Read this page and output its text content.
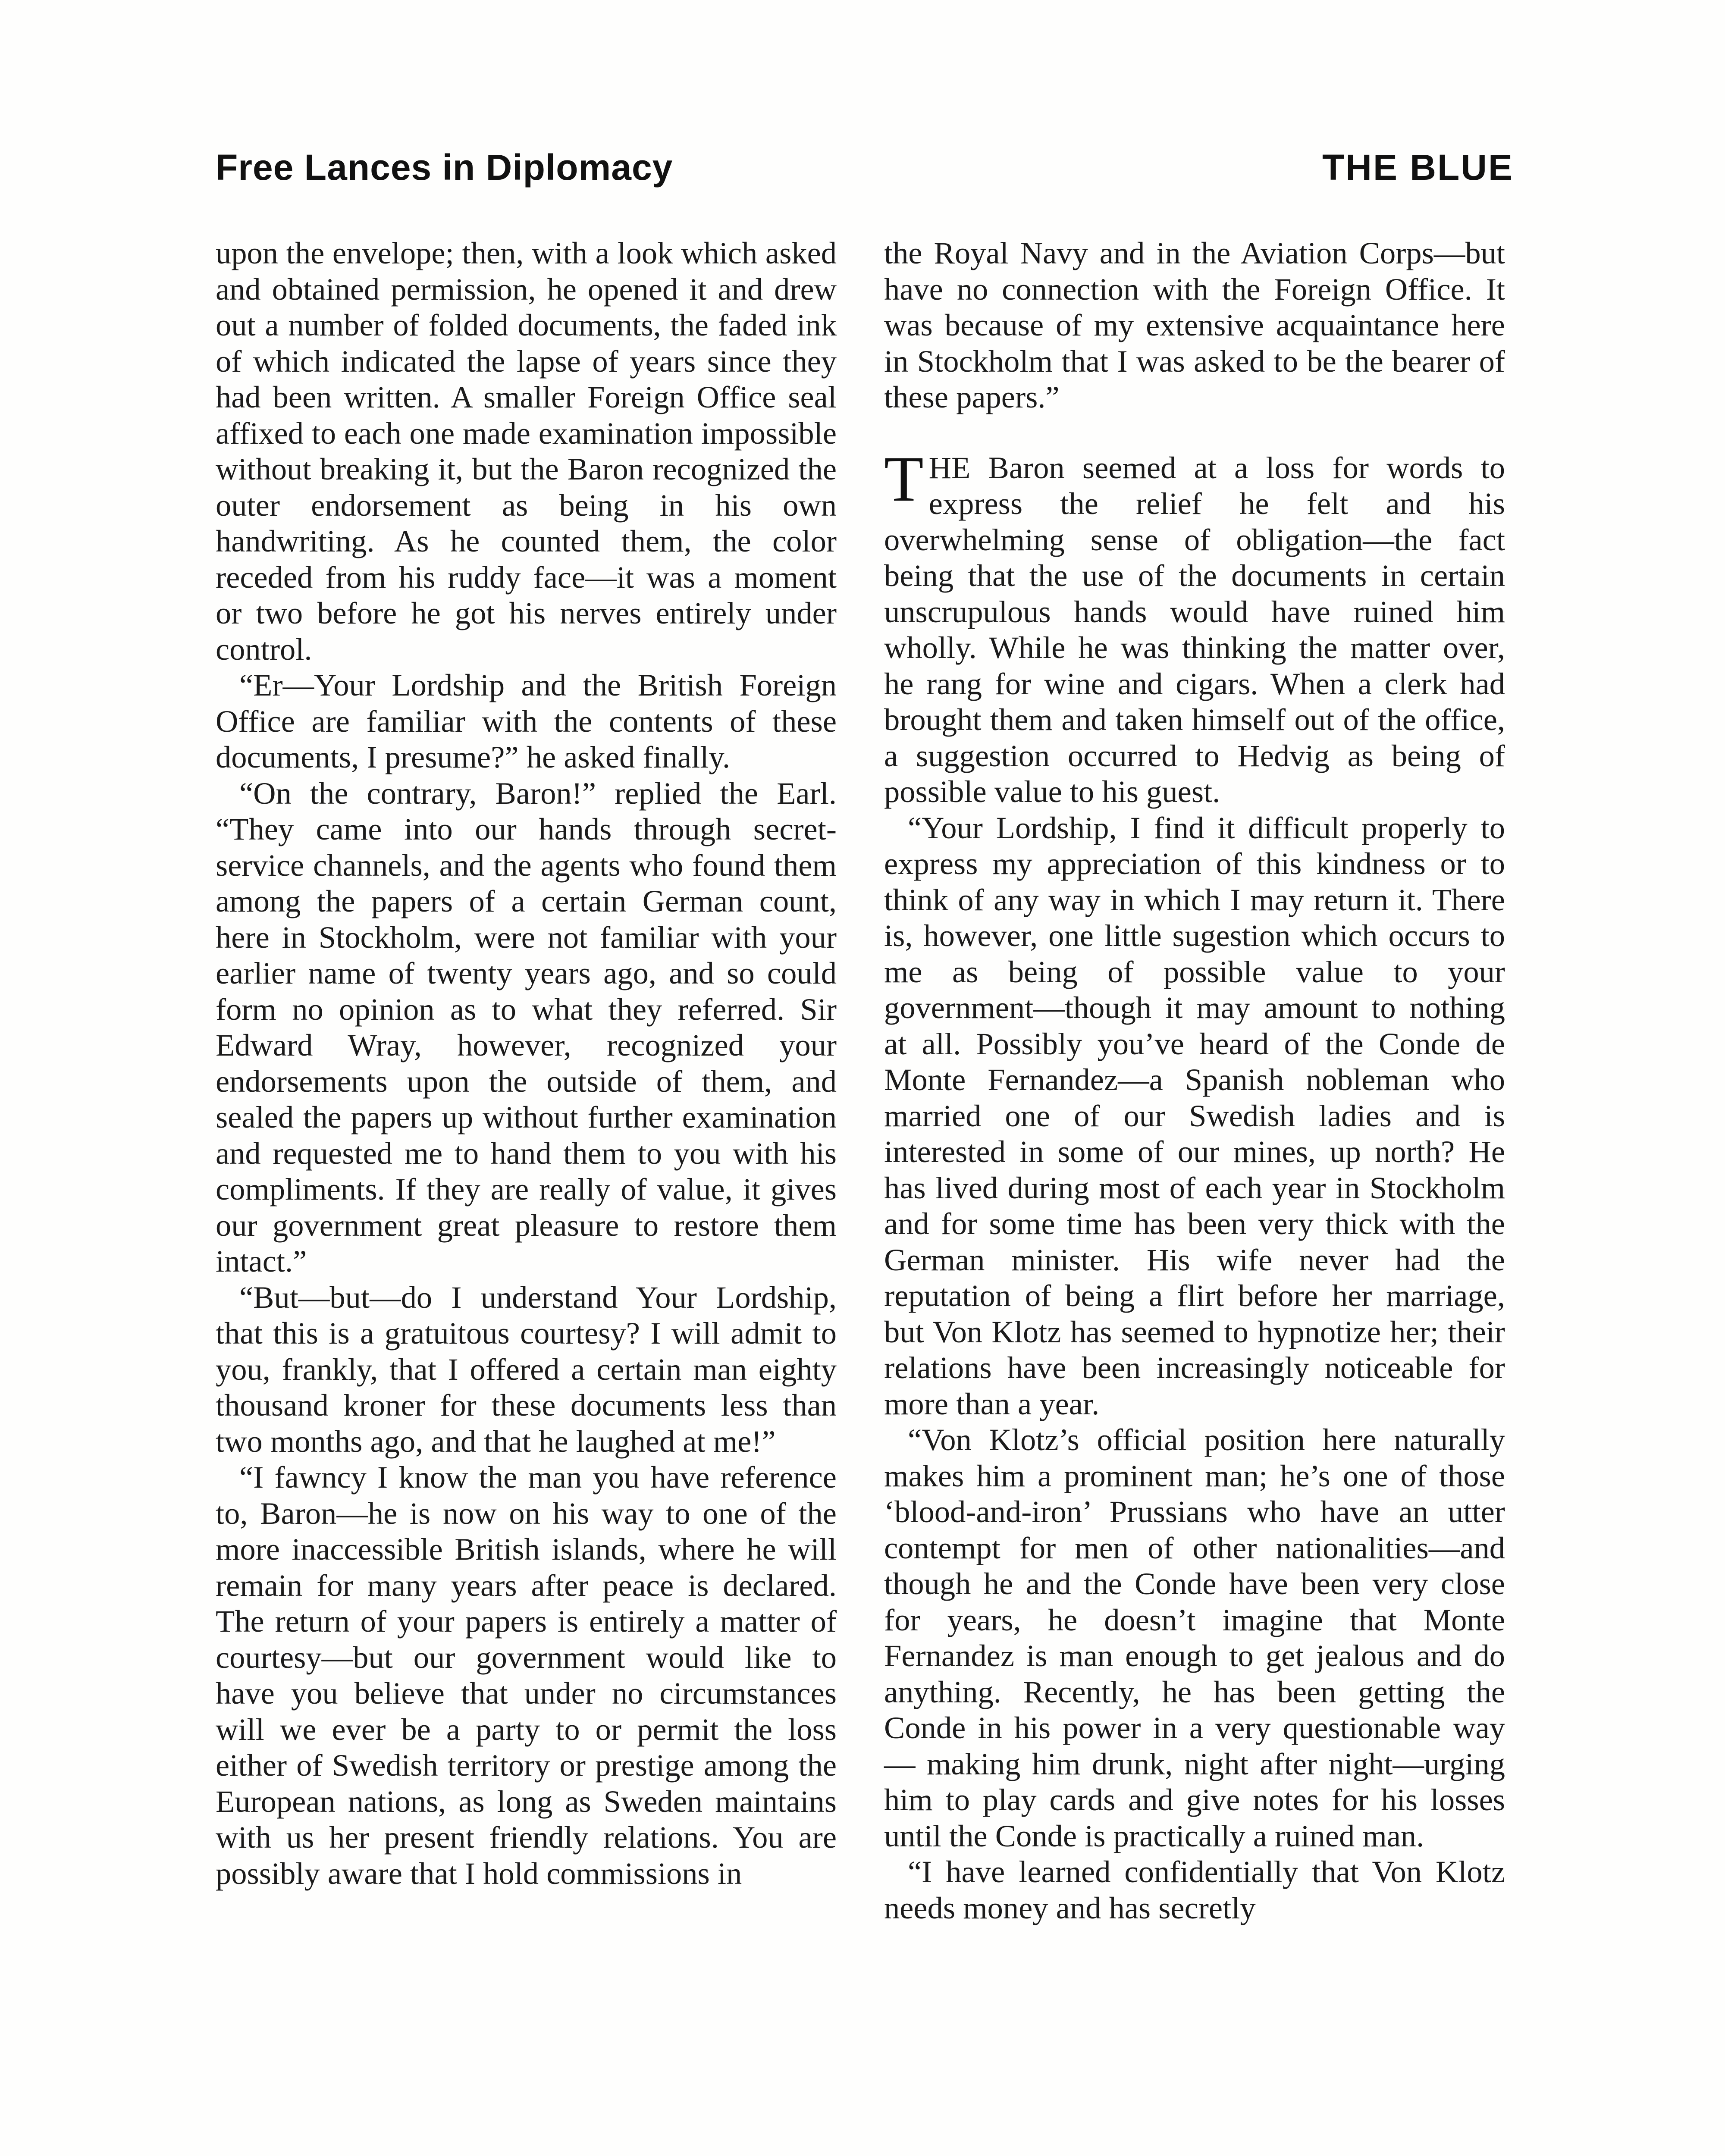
Free Lances in Diplomacy	THE BLUE

upon the envelope; then, with a look which asked and obtained permission, he opened it and drew out a number of folded documents, the faded ink of which indicated the lapse of years since they had been written. A smaller Foreign Office seal affixed to each one made examination impossible without breaking it, but the Baron recognized the outer endorsement as being in his own handwriting. As he counted them, the color receded from his ruddy face—it was a moment or two before he got his nerves entirely under control.

“Er—Your Lordship and the British Foreign Office are familiar with the contents of these documents, I presume?” he asked finally.

“On the contrary, Baron!” replied the Earl. “They came into our hands through secret-service channels, and the agents who found them among the papers of a certain German count, here in Stockholm, were not familiar with your earlier name of twenty years ago, and so could form no opinion as to what they referred. Sir Edward Wray, however, recognized your endorsements upon the outside of them, and sealed the papers up without further examination and requested me to hand them to you with his compliments. If they are really of value, it gives our government great pleasure to restore them intact.”

“But—but—do I understand Your Lordship, that this is a gratuitous courtesy? I will admit to you, frankly, that I offered a certain man eighty thousand kroner for these documents less than two months ago, and that he laughed at me!”

“I fawncy I know the man you have reference to, Baron—he is now on his way to one of the more inaccessible British islands, where he will remain for many years after peace is declared. The return of your papers is entirely a matter of courtesy—but our government would like to have you believe that under no circumstances will we ever be a party to or permit the loss either of Swedish territory or prestige among the European nations, as long as Sweden maintains with us her present friendly relations. You are possibly aware that I hold commissions in

the Royal Navy and in the Aviation Corps—but have no connection with the Foreign Office. It was because of my extensive acquaintance here in Stockholm that I was asked to be the bearer of these papers.”

THE Baron seemed at a loss for words to express the relief he felt and his overwhelming sense of obligation—the fact being that the use of the documents in certain unscrupulous hands would have ruined him wholly. While he was thinking the matter over, he rang for wine and cigars. When a clerk had brought them and taken himself out of the office, a suggestion occurred to Hedvig as being of possible value to his guest.

“Your Lordship, I find it difficult properly to express my appreciation of this kindness or to think of any way in which I may return it. There is, however, one little sugestion which occurs to me as being of possible value to your government—though it may amount to nothing at all. Possibly you’ve heard of the Conde de Monte Fernandez—a Spanish nobleman who married one of our Swedish ladies and is interested in some of our mines, up north? He has lived during most of each year in Stockholm and for some time has been very thick with the German minister. His wife never had the reputation of being a flirt before her marriage, but Von Klotz has seemed to hypnotize her; their relations have been increasingly noticeable for more than a year.

“Von Klotz’s official position here naturally makes him a prominent man; he’s one of those ‘blood-and-iron’ Prussians who have an utter contempt for men of other nationalities—and though he and the Conde have been very close for years, he doesn’t imagine that Monte Fernandez is man enough to get jealous and do anything. Recently, he has been getting the Conde in his power in a very questionable way — making him drunk, night after night—urging him to play cards and give notes for his losses until the Conde is practically a ruined man.

“I have learned confidentially that Von Klotz needs money and has secretly
